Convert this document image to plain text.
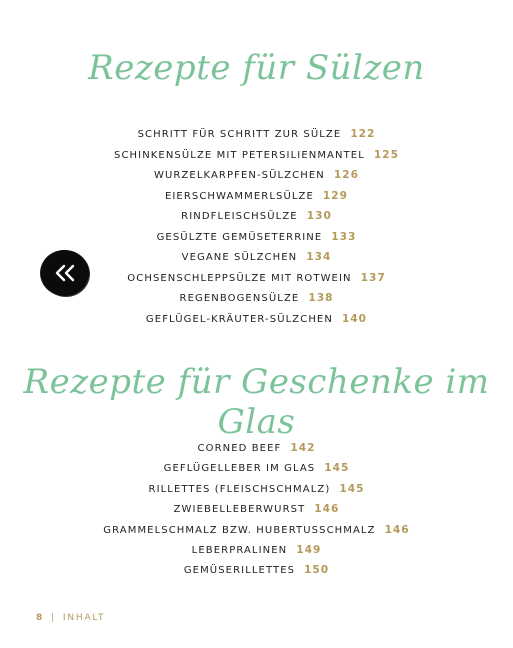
Rezepte für Sülzen
SCHRITT FÜR SCHRITT ZUR SÜLZE 122
SCHINKENSÜLZE MIT PETERSILIENMANTEL 125
WURZELKARPFEN-SÜLZCHEN 126
EIERSCHWAMMERLSÜLZE 129
RINDFLEISCHSÜLZE 130
GESÜLZTE GEMÜSETERRINE 133
VEGANE SÜLZCHEN 134
OCHSENSCHLEPPSÜLZE MIT ROTWEIN 137
REGENBOGENSÜLZE 138
GEFLÜGEL-KRÄUTER-SÜLZCHEN 140
Rezepte für Geschenke im Glas
CORNED BEEF 142
GEFLÜGELLEBER IM GLAS 145
RILLETTES (FLEISCHSCHMALZ) 145
ZWIEBELLEBERWURST 146
GRAMMELSCHMALZ BZW. HUBERTUSSCHMALZ 146
LEBERPRALINEN 149
GEMÜSERILLETTES 150
8 | INHALT
